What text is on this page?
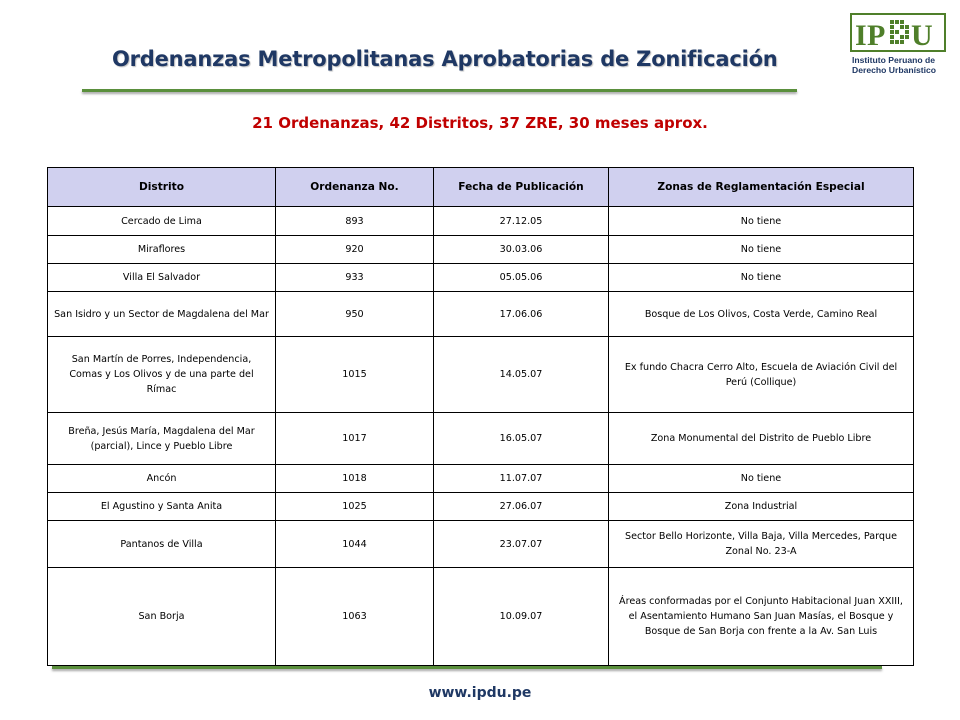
Ordenanzas Metropolitanas Aprobatorias de Zonificación
I P U
Instituto Peruano de
Derecho Urbanístico
21 Ordenanzas, 42 Distritos, 37 ZRE, 30 meses aprox.
Distrito	Ordenanza No.	Fecha de Publicación	Zonas de Reglamentación Especial
Cercado de Lima	893	27.12.05	No tiene
Miraflores	920	30.03.06	No tiene
Villa El Salvador	933	05.05.06	No tiene
San Isidro y un Sector de Magdalena del Mar	950	17.06.06	Bosque de Los Olivos, Costa Verde, Camino Real
San Martín de Porres, Independencia, Comas y Los Olivos y de una parte del Rímac	1015	14.05.07	Ex fundo Chacra Cerro Alto, Escuela de Aviación Civil del Perú (Collique)
Breña, Jesús María, Magdalena del Mar (parcial), Lince y Pueblo Libre	1017	16.05.07	Zona Monumental del Distrito de Pueblo Libre
Ancón	1018	11.07.07	No tiene
El Agustino y Santa Anita	1025	27.06.07	Zona Industrial
Pantanos de Villa	1044	23.07.07	Sector Bello Horizonte, Villa Baja, Villa Mercedes, Parque Zonal No. 23-A
San Borja	1063	10.09.07	Áreas conformadas por el Conjunto Habitacional Juan XXIII, el Asentamiento Humano San Juan Masías, el Bosque y Bosque de San Borja con frente a la Av. San Luis
www.ipdu.pe
